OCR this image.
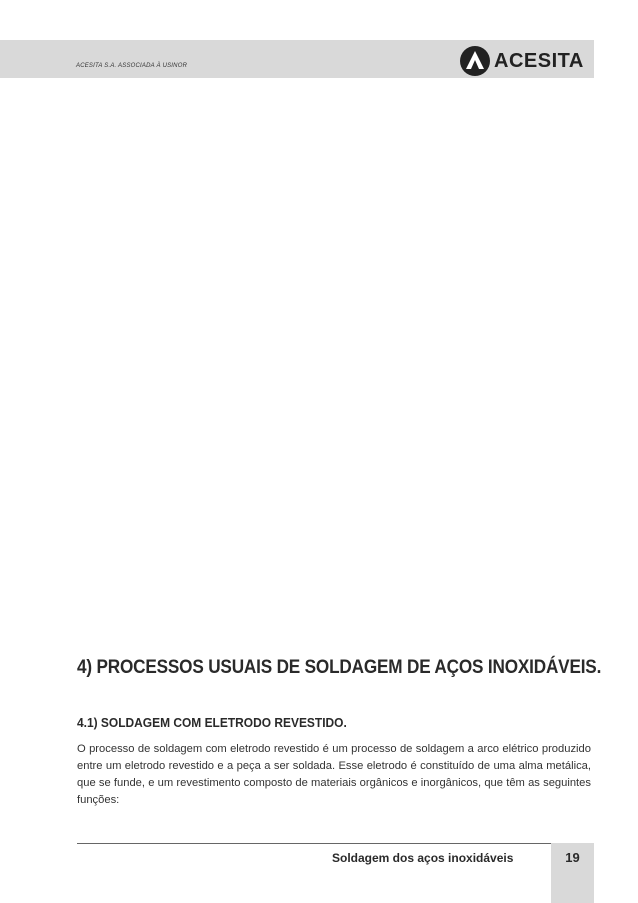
ACESITA S.A. ASSOCIADA À USINOR	ACESITA
4) PROCESSOS USUAIS DE SOLDAGEM DE AÇOS INOXIDÁVEIS.
4.1) SOLDAGEM COM ELETRODO REVESTIDO.

O processo de soldagem com eletrodo revestido é um processo de soldagem a arco elétrico produzido entre um eletrodo revestido e a peça a ser soldada. Esse eletrodo é constituído de uma alma metálica, que se funde, e um revestimento composto de materiais orgânicos e inorgânicos, que têm as seguintes funções:

Soldagem dos aços inoxidáveis	19
